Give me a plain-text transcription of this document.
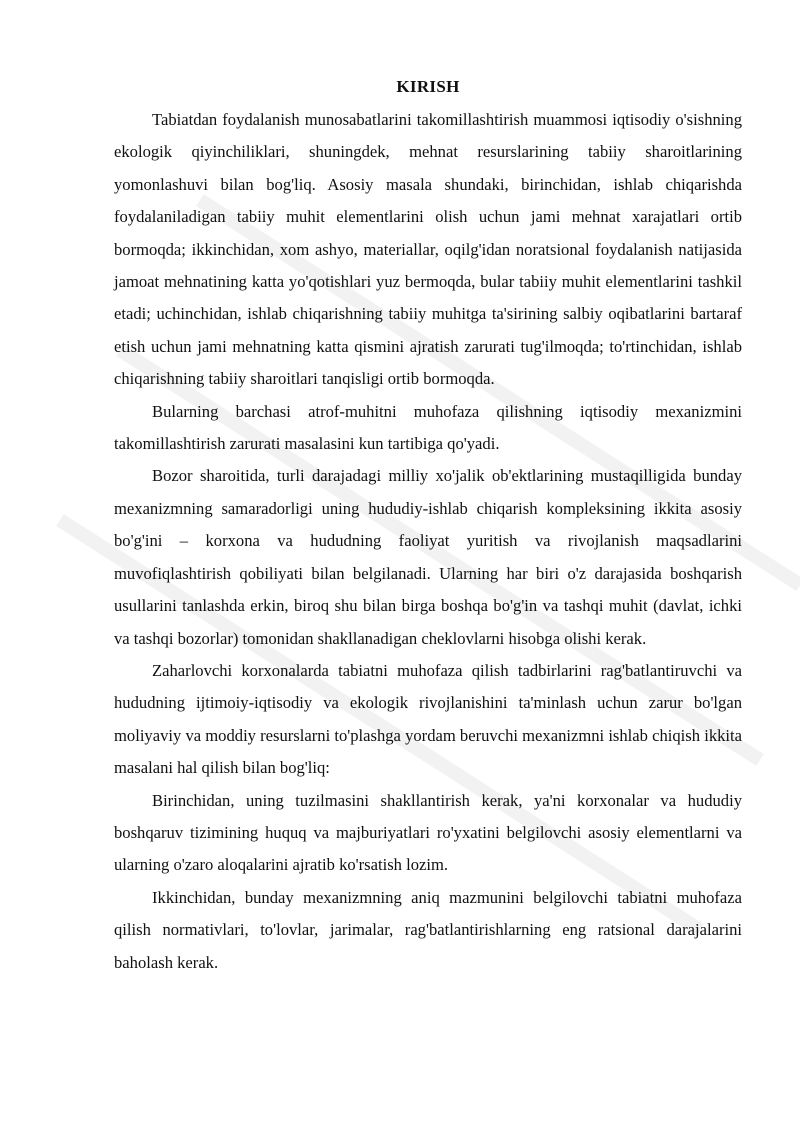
KIRISH

Tabiatdan foydalanish munosabatlarini takomillashtirish muammosi iqtisodiy o'sishning ekologik qiyinchiliklari, shuningdek, mehnat resurslarining tabiiy sharoitlarining yomonlashuvi bilan bog'liq. Asosiy masala shundaki, birinchidan, ishlab chiqarishda foydalaniladigan tabiiy muhit elementlarini olish uchun jami mehnat xarajatlari ortib bormoqda; ikkinchidan, xom ashyo, materiallar, oqilg'idan noratsional foydalanish natijasida jamoat mehnatining katta yo'qotishlari yuz bermoqda, bular tabiiy muhit elementlarini tashkil etadi; uchinchidan, ishlab chiqarishning tabiiy muhitga ta'sirining salbiy oqibatlarini bartaraf etish uchun jami mehnatning katta qismini ajratish zarurati tug'ilmoqda; to'rtinchidan, ishlab chiqarishning tabiiy sharoitlari tanqisligi ortib bormoqda.

Bularning barchasi atrof-muhitni muhofaza qilishning iqtisodiy mexanizmini takomillashtirish zarurati masalasini kun tartibiga qo'yadi.

Bozor sharoitida, turli darajadagi milliy xo'jalik ob'ektlarining mustaqilligida bunday mexanizmning samaradorligi uning hududiy-ishlab chiqarish kompleksining ikkita asosiy bo'g'ini – korxona va hududning faoliyat yuritish va rivojlanish maqsadlarini muvofiqlashtirish qobiliyati bilan belgilanadi. Ularning har biri o'z darajasida boshqarish usullarini tanlashda erkin, biroq shu bilan birga boshqa bo'g'in va tashqi muhit (davlat, ichki va tashqi bozorlar) tomonidan shakllanadigan cheklovlarni hisobga olishi kerak.

Zaharlovchi korxonalarda tabiatni muhofaza qilish tadbirlarini rag'batlantiruvchi va hududning ijtimoiy-iqtisodiy va ekologik rivojlanishini ta'minlash uchun zarur bo'lgan moliyaviy va moddiy resurslarni to'plashga yordam beruvchi mexanizmni ishlab chiqish ikkita masalani hal qilish bilan bog'liq:

Birinchidan, uning tuzilmasini shakllantirish kerak, ya'ni korxonalar va hududiy boshqaruv tizimining huquq va majburiyatlari ro'yxatini belgilovchi asosiy elementlarni va ularning o'zaro aloqalarini ajratib ko'rsatish lozim.

Ikkinchidan, bunday mexanizmning aniq mazmunini belgilovchi tabiatni muhofaza qilish normativlari, to'lovlar, jarimalar, rag'batlantirishlarning eng ratsional darajalarini baholash kerak.
